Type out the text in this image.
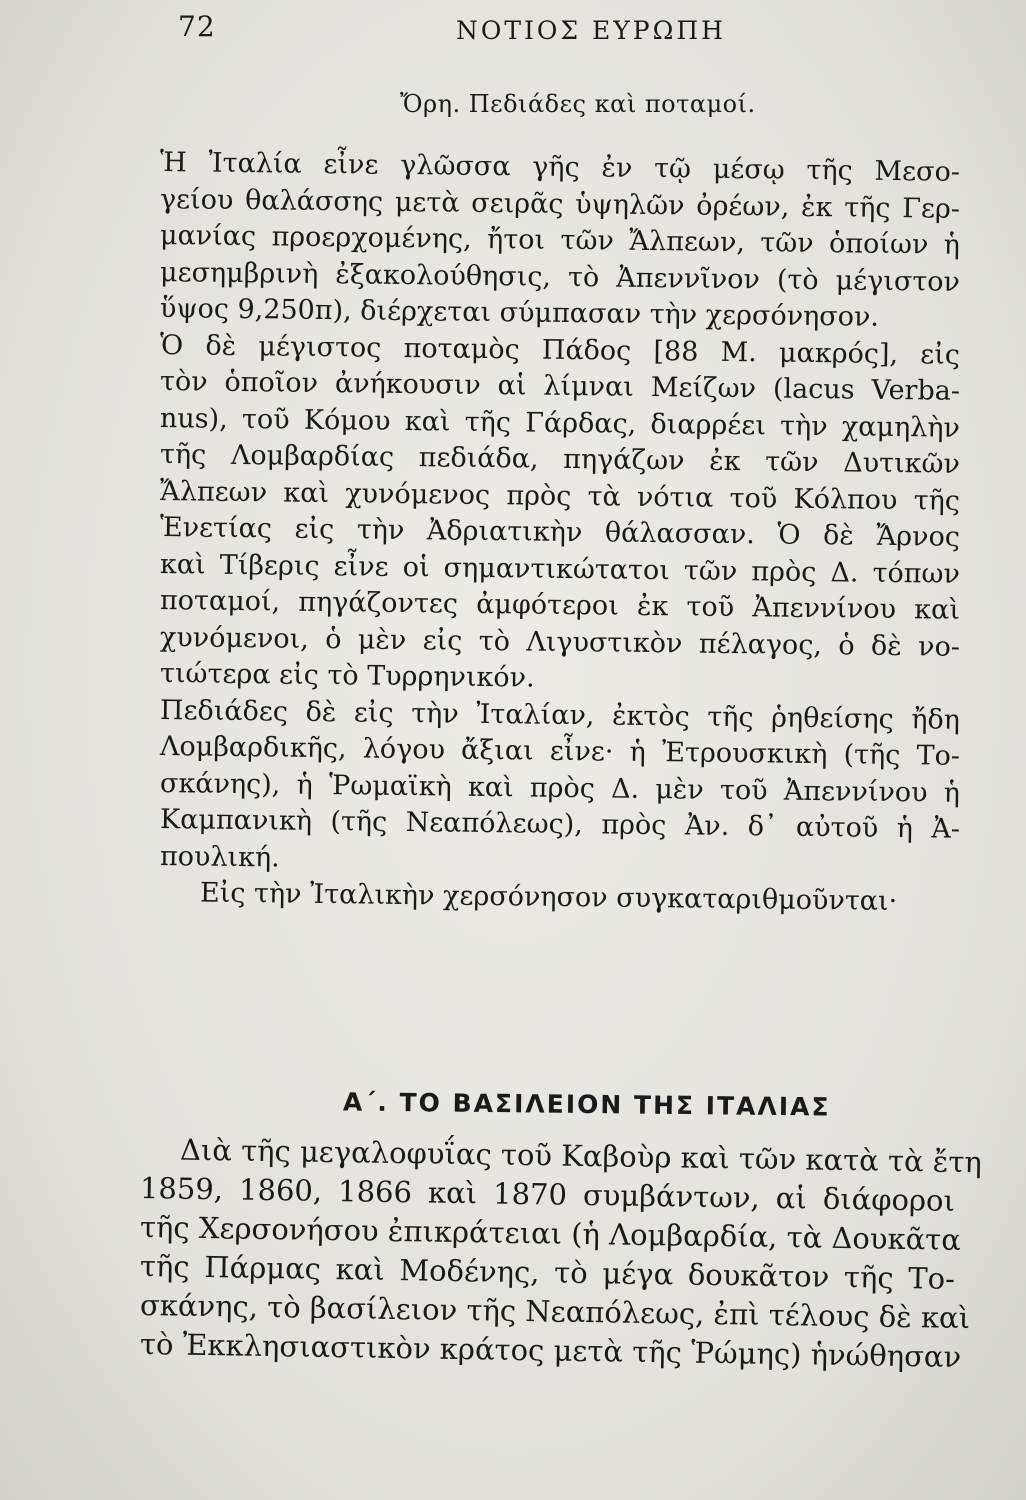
72	ΝΟΤΙΟΣ ΕΥΡΩΠΗ
Ὄρη. Πεδιάδες καὶ ποταμοί.
Ἡ Ἰταλία εἶνε γλῶσσα γῆς ἐν τῷ μέσῳ τῆς Μεσο-
γείου θαλάσσης μετὰ σειρᾶς ὑψηλῶν ὀρέων, ἐκ τῆς Γερ-
μανίας προερχομένης, ἤτοι τῶν Ἄλπεων, τῶν ὁποίων ἡ
μεσημβρινὴ ἐξακολούθησις, τὸ Ἀπεννῖνον (τὸ μέγιστον
ὕψος 9,250π), διέρχεται σύμπασαν τὴν χερσόνησον.
Ὁ δὲ μέγιστος ποταμὸς Πάδος [88 Μ. μακρός], εἰς
τὸν ὁποῖον ἀνήκουσιν αἱ λίμναι Μείζων (lacus Verba-
nus), τοῦ Κόμου καὶ τῆς Γάρδας, διαρρέει τὴν χαμηλὴν
τῆς Λομβαρδίας πεδιάδα, πηγάζων ἐκ τῶν Δυτικῶν
Ἄλπεων καὶ χυνόμενος πρὸς τὰ νότια τοῦ Κόλπου τῆς
Ἑνετίας εἰς τὴν Ἀδριατικὴν θάλασσαν. Ὁ δὲ Ἄρνος
καὶ Τίβερις εἶνε οἱ σημαντικώτατοι τῶν πρὸς Δ. τόπων
ποταμοί, πηγάζοντες ἀμφότεροι ἐκ τοῦ Ἀπεννίνου καὶ
χυνόμενοι, ὁ μὲν εἰς τὸ Λιγυστικὸν πέλαγος, ὁ δὲ νο-
τιώτερα εἰς τὸ Τυρρηνικόν.
Πεδιάδες δὲ εἰς τὴν Ἰταλίαν, ἐκτὸς τῆς ῥηθείσης ἤδη
Λομβαρδικῆς, λόγου ἄξιαι εἶνε· ἡ Ἐτρουσκικὴ (τῆς Το-
σκάνης), ἡ Ῥωμαϊκὴ καὶ πρὸς Δ. μὲν τοῦ Ἀπεννίνου ἡ
Καμπανικὴ (τῆς Νεαπόλεως), πρὸς Ἀν. δ᾽ αὐτοῦ ἡ Ἀ-
πουλική.
Εἰς τὴν Ἰταλικὴν χερσόνησον συγκαταριθμοῦνται·
Α΄. ΤΟ ΒΑΣΙΛΕΙΟΝ ΤΗΣ ΙΤΑΛΙΑΣ
Διὰ τῆς μεγαλοφυΐας τοῦ Καβοὺρ καὶ τῶν κατὰ τὰ ἔτη
1859, 1860, 1866 καὶ 1870 συμβάντων, αἱ διάφοροι
τῆς Χερσονήσου ἐπικράτειαι (ἡ Λομβαρδία, τὰ Δουκᾶτα
τῆς Πάρμας καὶ Μοδένης, τὸ μέγα δουκᾶτον τῆς Το-
σκάνης, τὸ βασίλειον τῆς Νεαπόλεως, ἐπὶ τέλους δὲ καὶ
τὸ Ἐκκλησιαστικὸν κράτος μετὰ τῆς Ῥώμης) ἡνώθησαν
